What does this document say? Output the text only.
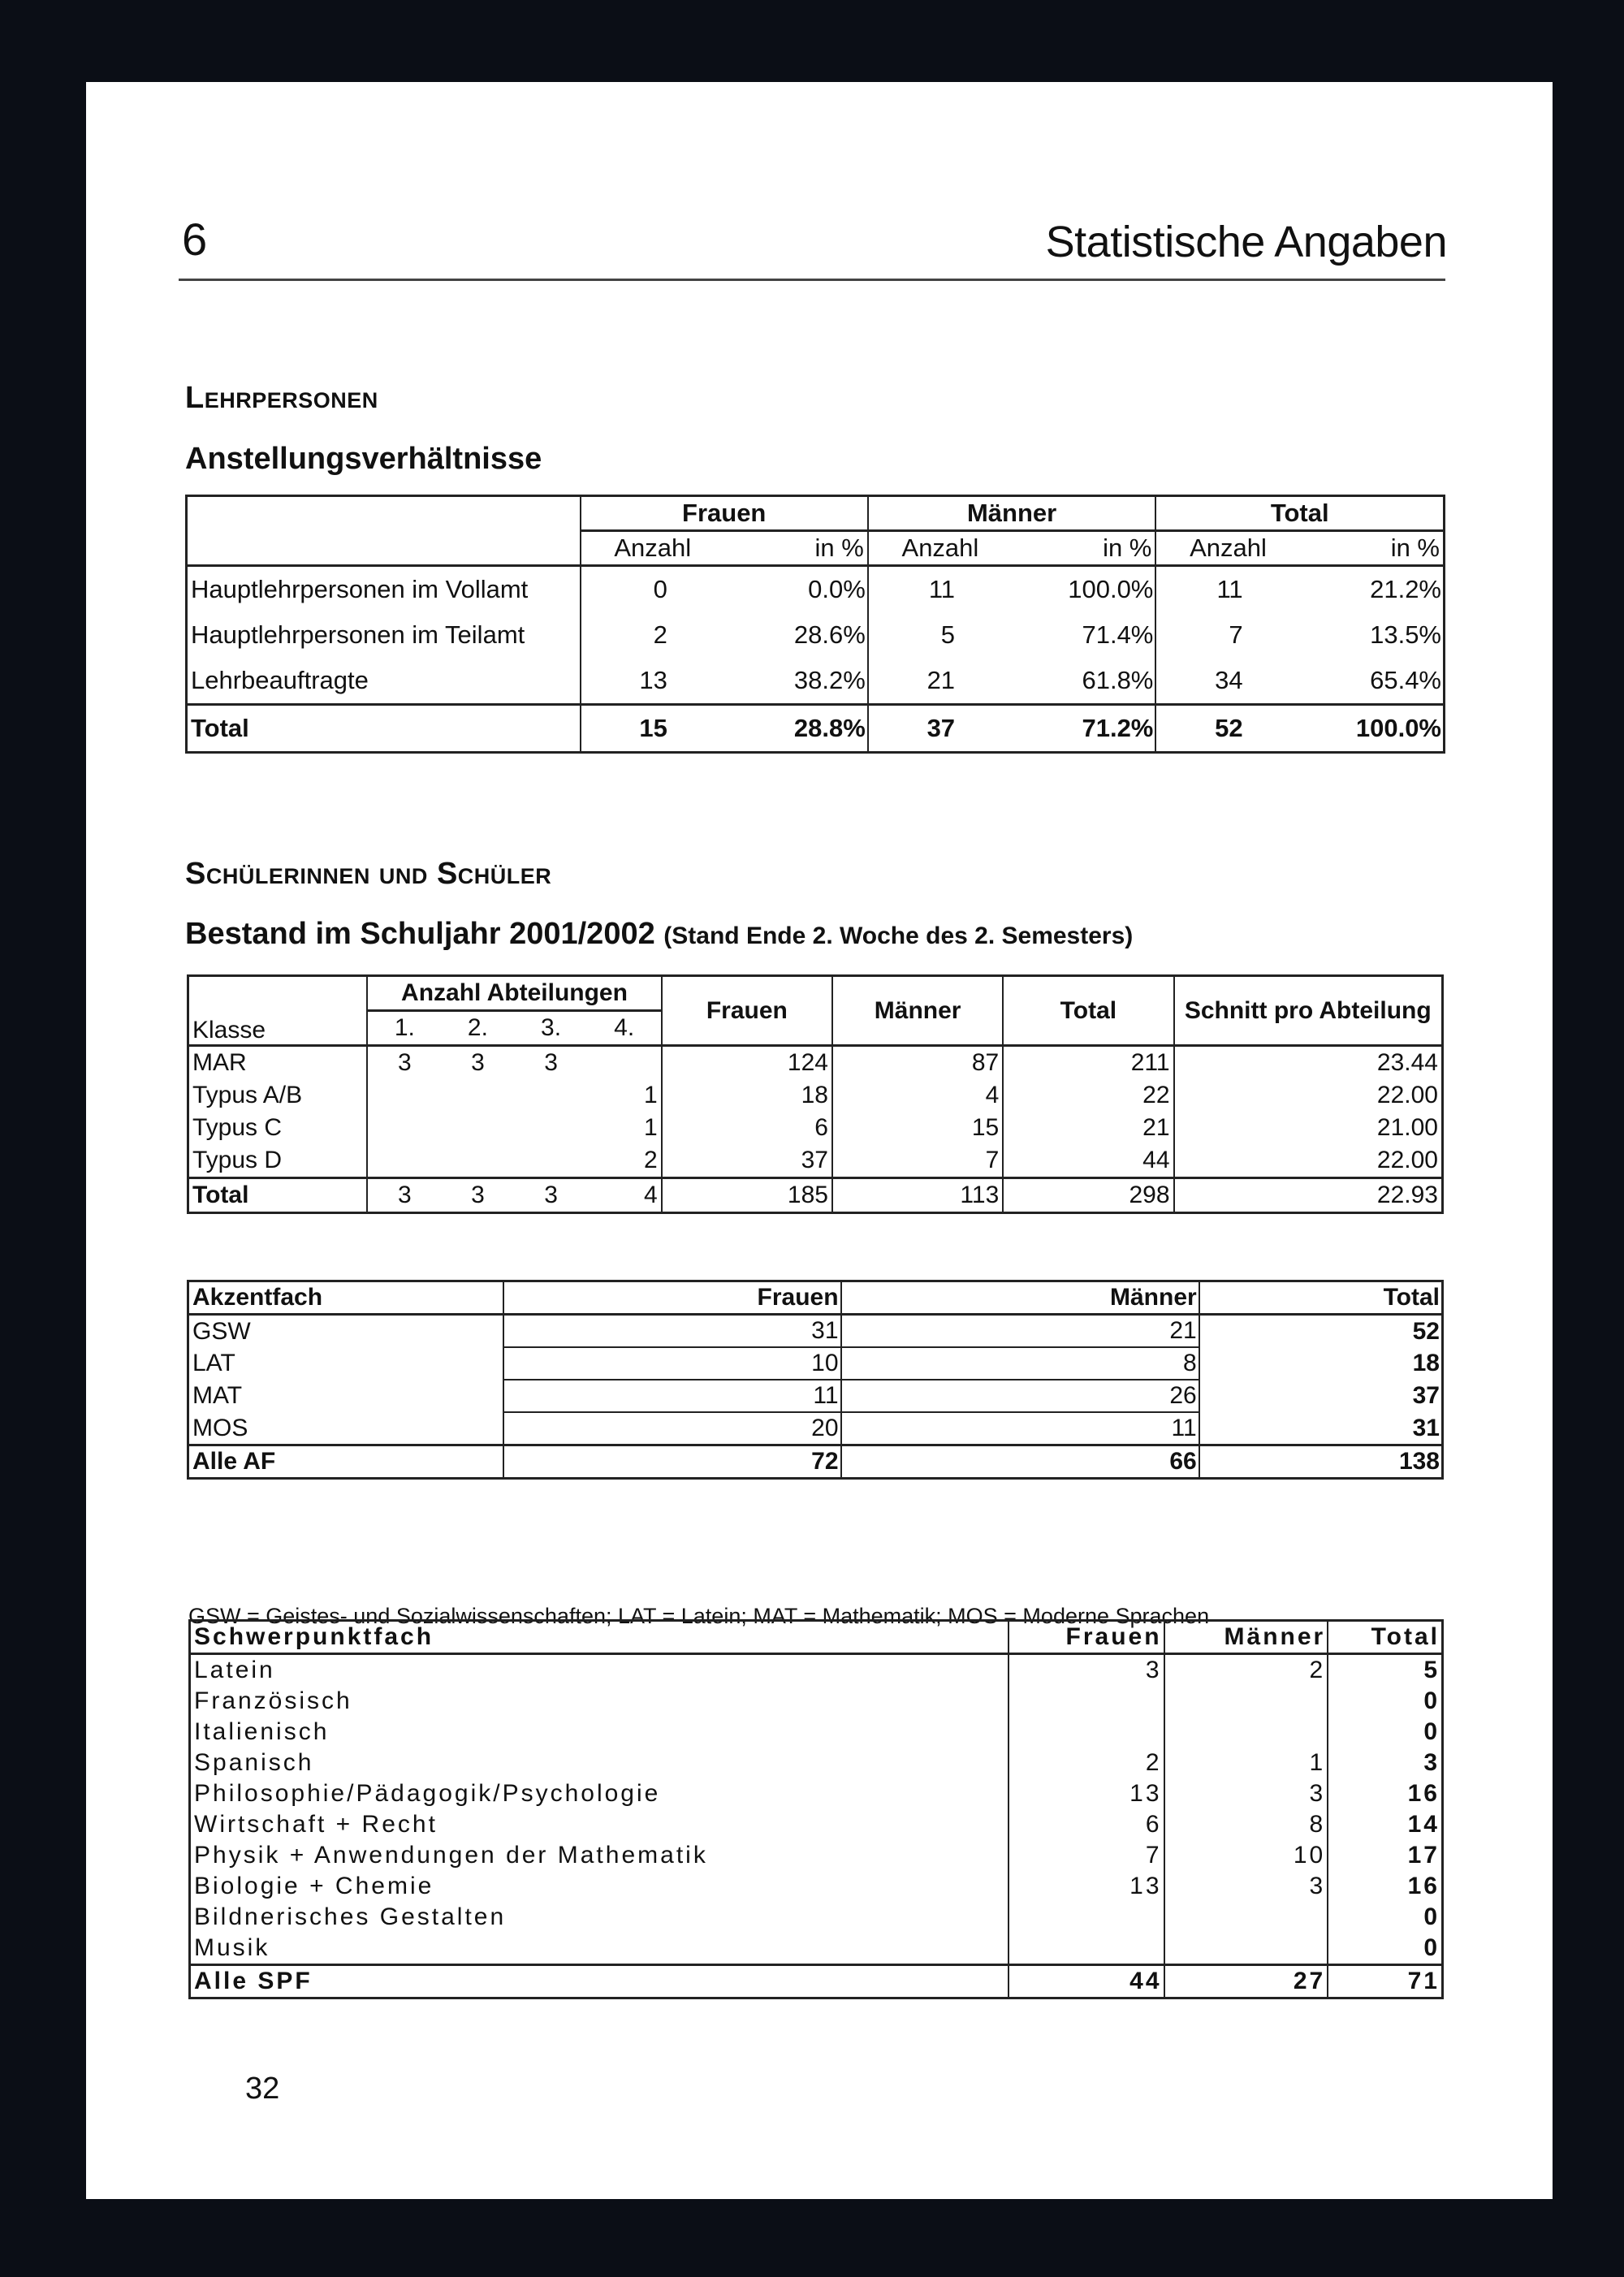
6	Statistische Angaben
Lehrpersonen
Anstellungsverhältnisse
	Frauen		Männer		Total	
	Anzahl	in %	Anzahl	in %	Anzahl	in %
Hauptlehrpersonen im Vollamt	0	0.0%	11	100.0%	11	21.2%
Hauptlehrpersonen im Teilamt	2	28.6%	5	71.4%	7	13.5%
Lehrbeauftragte	13	38.2%	21	61.8%	34	65.4%
Total	15	28.8%	37	71.2%	52	100.0%
Schülerinnen und Schüler
Bestand im Schuljahr 2001/2002 (Stand Ende 2. Woche des 2. Semesters)
Klasse	Anzahl Abteilungen				Frauen	Männer	Total	Schnitt pro Abteilung
	1.	2.	3.	4.				
MAR	3	3	3		124	87	211	23.44
Typus A/B				1	18	4	22	22.00
Typus C				1	6	15	21	21.00
Typus D				2	37	7	44	22.00
Total	3	3	3	4	185	113	298	22.93
Akzentfach	Frauen	Männer	Total
GSW	31	21	52
LAT	10	8	18
MAT	11	26	37
MOS	20	11	31
Alle AF	72	66	138
GSW = Geistes- und Sozialwissenschaften; LAT = Latein; MAT = Mathematik; MOS = Moderne Sprachen
Schwerpunktfach	Frauen	Männer	Total
Latein	3	2	5
Französisch			0
Italienisch			0
Spanisch	2	1	3
Philosophie/Pädagogik/Psychologie	13	3	16
Wirtschaft + Recht	6	8	14
Physik + Anwendungen der Mathematik	7	10	17
Biologie + Chemie	13	3	16
Bildnerisches Gestalten			0
Musik			0
Alle SPF	44	27	71
32
